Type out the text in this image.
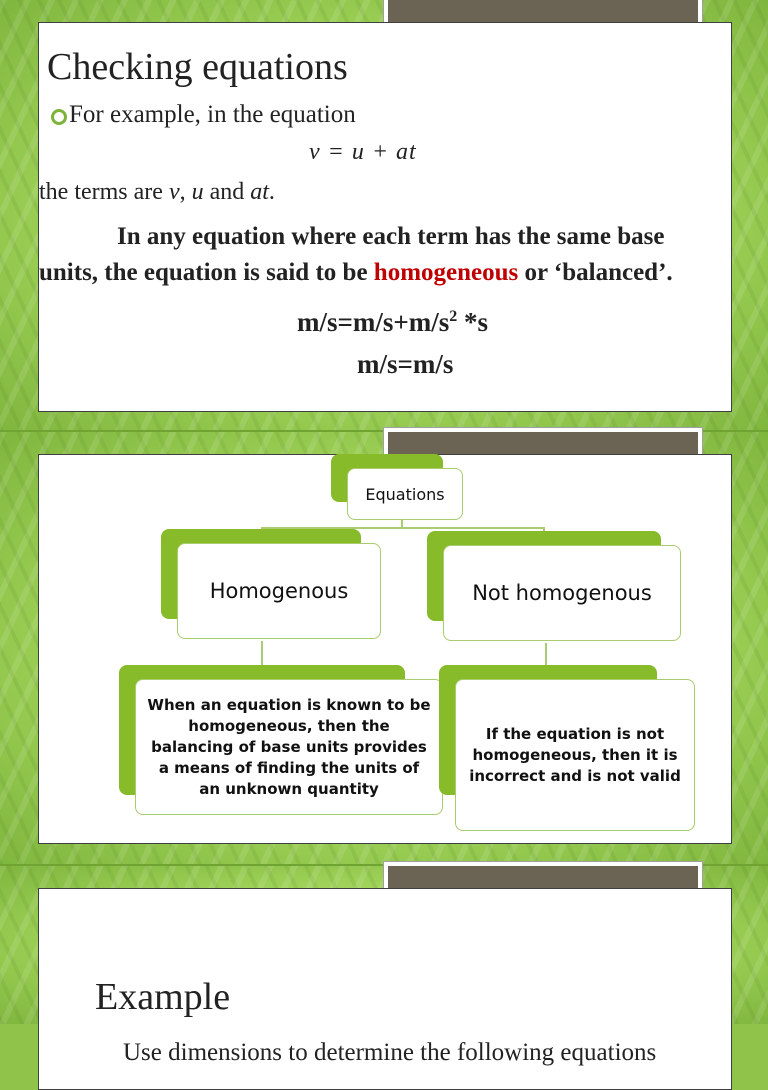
Checking equations
For example, in the equation
v = u + at
the terms are v, u and at.
In any equation where each term has the same base units, the equation is said to be homogeneous or ‘balanced’.
$m/s=m/s+m/s^2$ *s
m/s=m/s
Equations
Homogenous	Not homogenous
When an equation is known to be homogeneous, then the balancing of base units provides a means of finding the units of an unknown quantity
If the equation is not homogeneous, then it is incorrect and is not valid
Example
Use dimensions to determine the following equations
